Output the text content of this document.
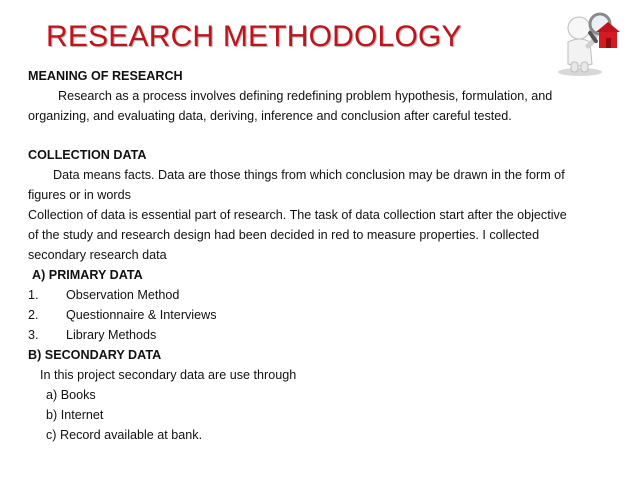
RESEARCH METHODOLOGY
MEANING OF RESEARCH
Research as a process involves defining redefining problem hypothesis, formulation, and
organizing, and evaluating data, deriving, inference and conclusion after careful tested.
COLLECTION DATA
Data means facts. Data are those things from which conclusion may be drawn in the form of
figures or in words
Collection of data is essential part of research. The task of data collection start after the objective
of the study and research design had been decided in red to measure properties. I collected
secondary research data
A) PRIMARY DATA
1.	Observation Method
2.	Questionnaire & Interviews
3.	Library Methods
B) SECONDARY DATA
In this project secondary data are use through
a) Books
b) Internet
c) Record available at bank.
